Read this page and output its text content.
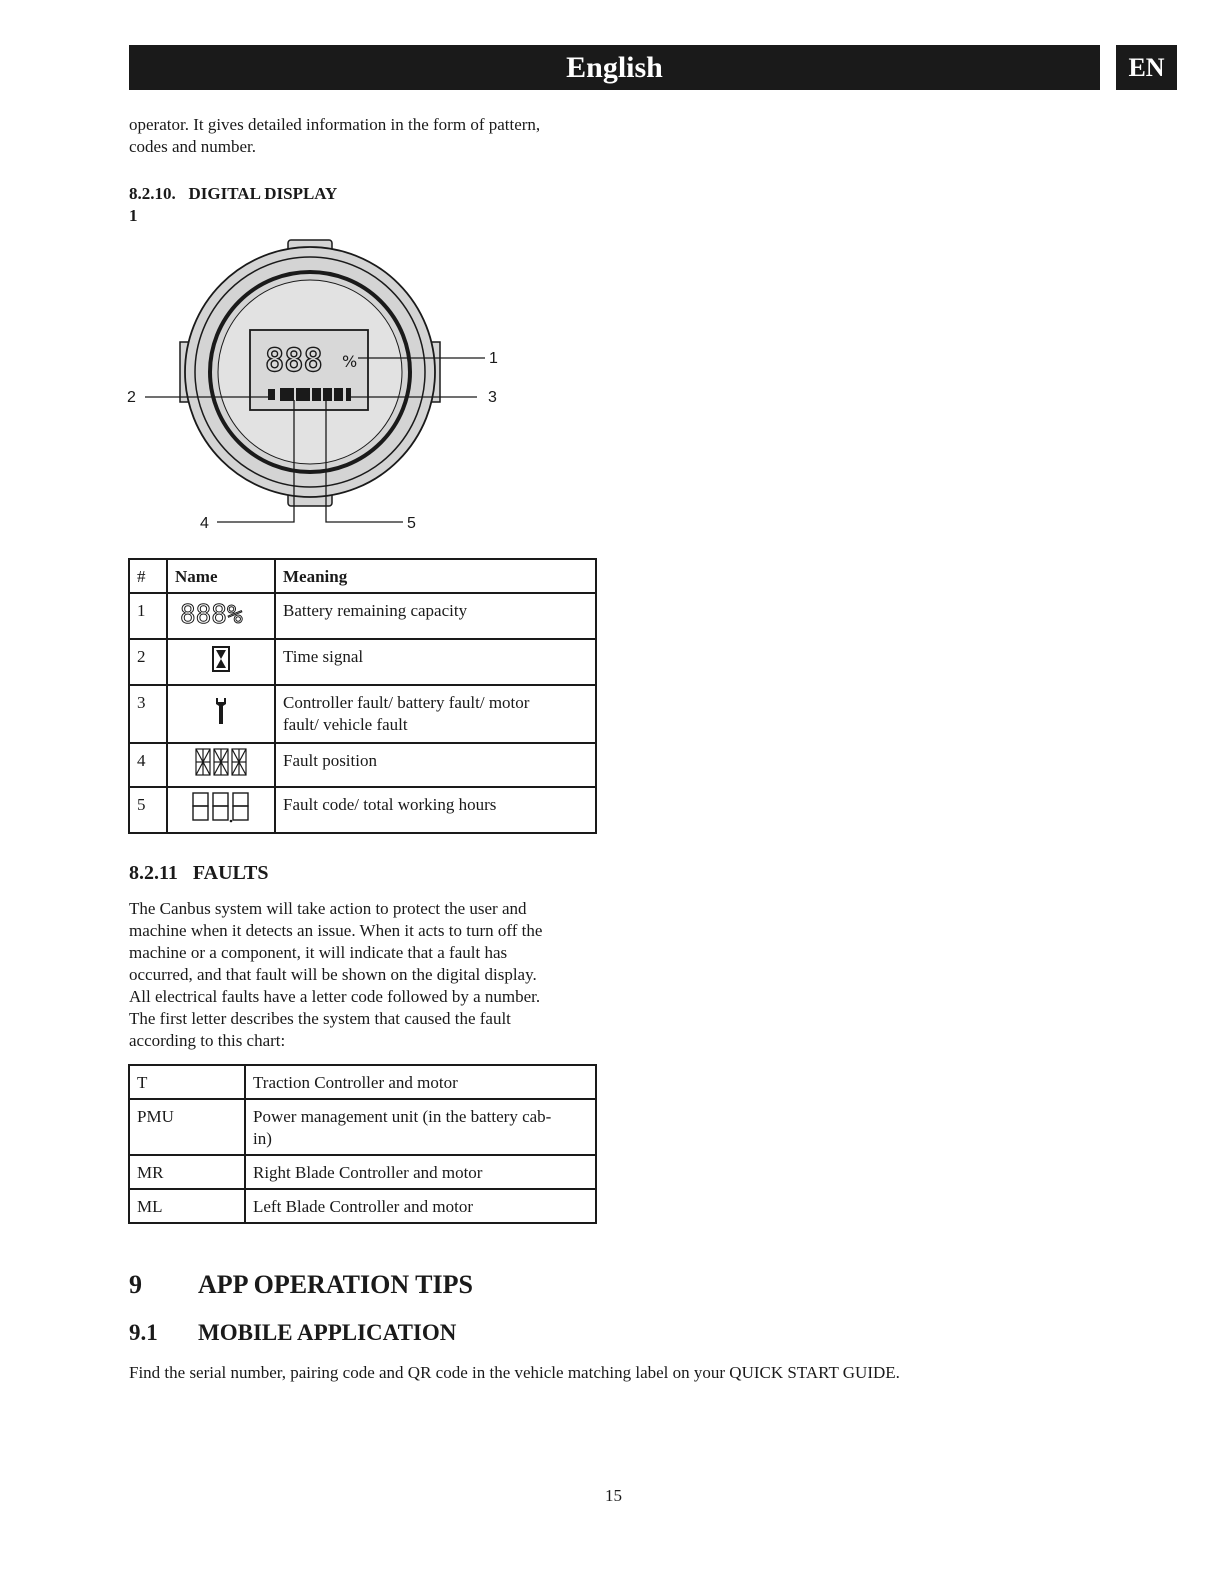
English	EN
operator. It gives detailed information in the form of pattern,
codes and number.
8.2.10.   DIGITAL DISPLAY
1
888 %	1
2	3
4	5
#	Name	Meaning
1	888%	Battery remaining capacity
2		Time signal
3		Controller fault/ battery fault/ motor
fault/ vehicle fault

4		Fault position
5		Fault code/ total working hours
8.2.11   FAULTS
The Canbus system will take action to protect the user and
machine when it detects an issue. When it acts to turn off the
machine or a component, it will indicate that a fault has
occurred, and that fault will be shown on the digital display.
All electrical faults have a letter code followed by a number.
The first letter describes the system that caused the fault
according to this chart:
T	Traction Controller and motor
PMU	Power management unit (in the battery cab-
in)

MR	Right Blade Controller and motor
ML	Left Blade Controller and motor
9 APP OPERATION TIPS
9.1 MOBILE APPLICATION
Find the serial number, pairing code and QR code in the vehicle matching label on your QUICK START GUIDE.
15
